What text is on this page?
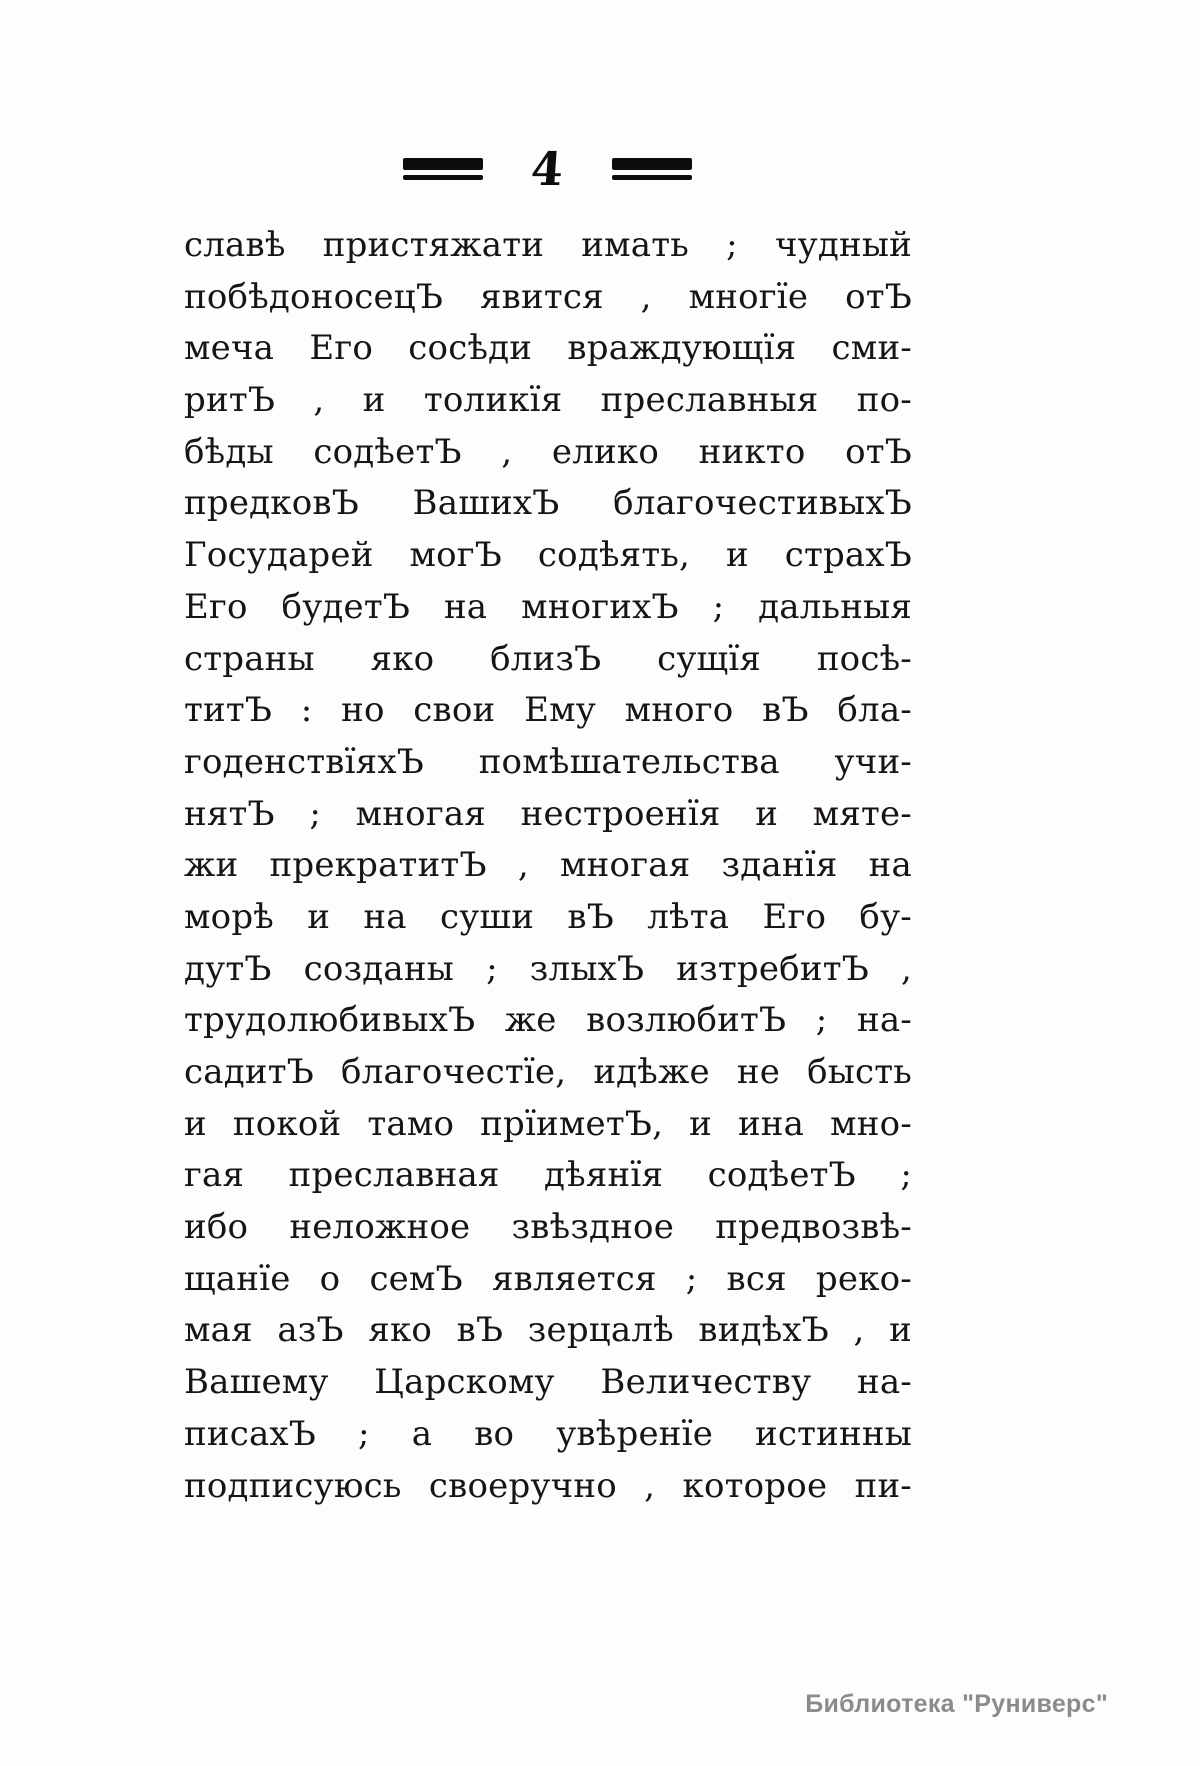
4
славѣ пристяжати имать ; чудный
побѣдоносецЪ явится , многїе отЪ
меча Его сосѣди враждующїя сми-
ритЪ , и толикїя преславныя по-
бѣды содѣетЪ , елико никто отЪ
предковЪ ВашихЪ благочестивыхЪ
Государей могЪ содѣять, и страхЪ
Его будетЪ на многихЪ ; дальныя
страны яко близЪ сущїя посѣ-
титЪ : но свои Ему много вЪ бла-
годенствїяхЪ помѣшательства учи-
нятЪ ; многая нестроенїя и мяте-
жи прекратитЪ , многая зданїя на
морѣ и на суши вЪ лѣта Его бу-
дутЪ созданы ; злыхЪ изтребитЪ ,
трудолюбивыхЪ же возлюбитЪ ; на-
садитЪ благочестїе, идѣже не бысть
и покой тамо прїиметЪ, и ина мно-
гая преславная дѣянїя содѣетЪ ;
ибо неложное звѣздное предвозвѣ-
щанїе о семЪ является ; вся реко-
мая азЪ яко вЪ зерцалѣ видѣхЪ , и
Вашему Царскому Величеству на-
писахЪ ; а во увѣренїе истинны
подписуюсь своеручно , которое пи-
Библиотека "Руниверс"
